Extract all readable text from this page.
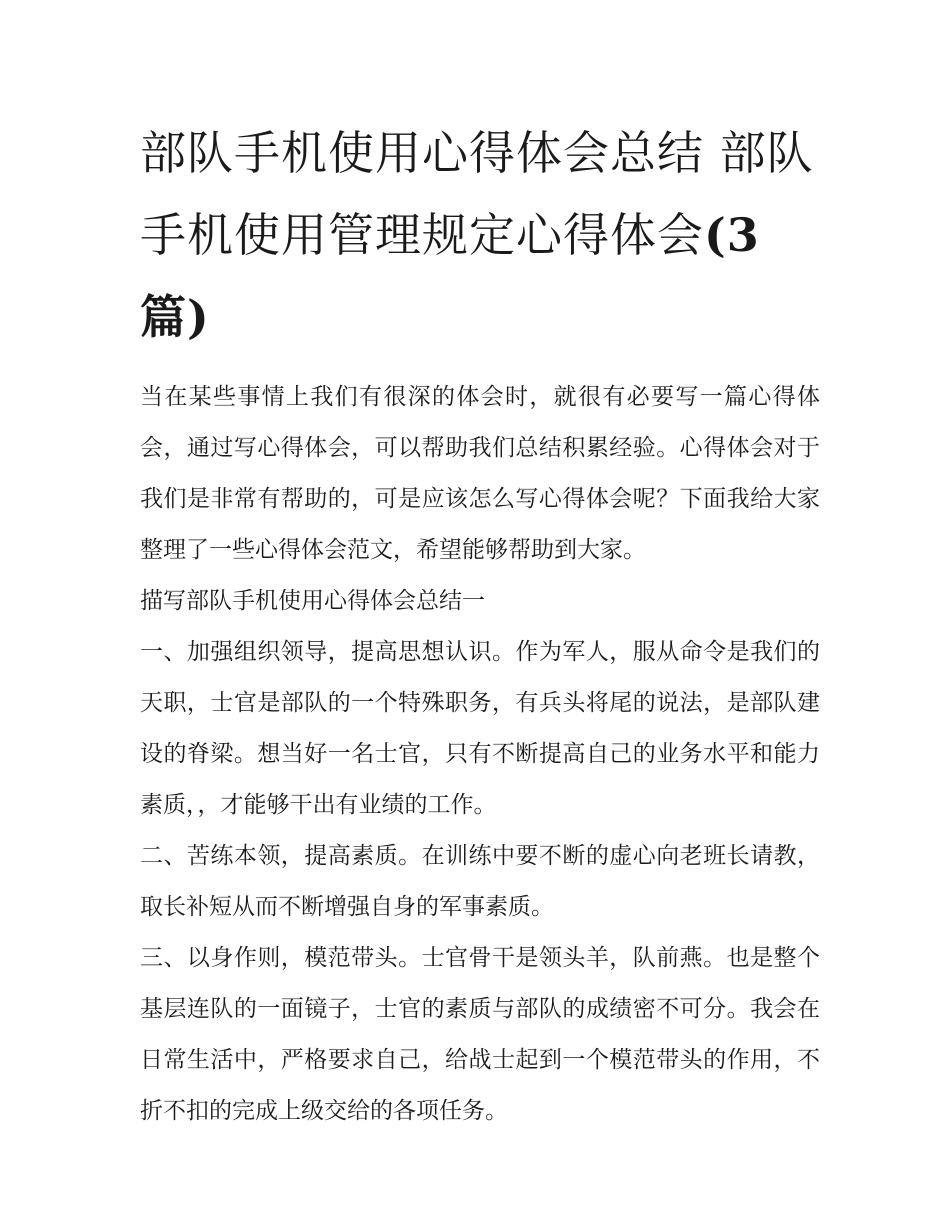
部队手机使用心得体会总结 部队手机使用管理规定心得体会(3篇)

当在某些事情上我们有很深的体会时，就很有必要写一篇心得体会，通过写心得体会，可以帮助我们总结积累经验。心得体会对于我们是非常有帮助的，可是应该怎么写心得体会呢？下面我给大家整理了一些心得体会范文，希望能够帮助到大家。

描写部队手机使用心得体会总结一

一、加强组织领导，提高思想认识。作为军人，服从命令是我们的天职，士官是部队的一个特殊职务，有兵头将尾的说法，是部队建设的脊梁。想当好一名士官，只有不断提高自己的业务水平和能力素质，，才能够干出有业绩的工作。

二、苦练本领，提高素质。在训练中要不断的虚心向老班长请教，取长补短从而不断增强自身的军事素质。

三、以身作则，模范带头。士官骨干是领头羊，队前燕。也是整个基层连队的一面镜子，士官的素质与部队的成绩密不可分。我会在日常生活中，严格要求自己，给战士起到一个模范带头的作用，不折不扣的完成上级交给的各项任务。
